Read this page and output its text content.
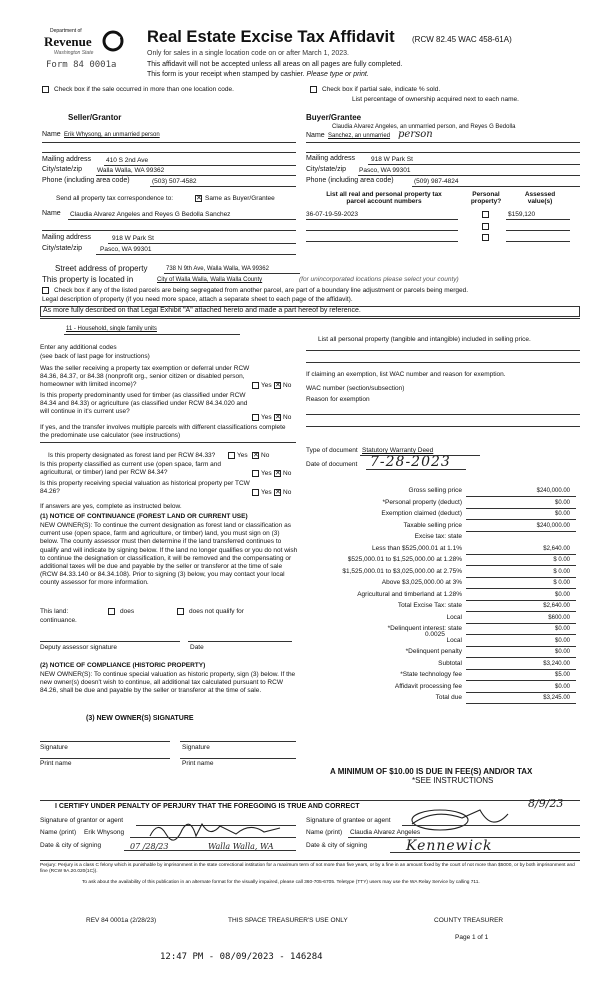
Department of
Revenue
Washington State
Form 84 0001a
Real Estate Excise Tax Affidavit (RCW 82.45 WAC 458-61A)
Only for sales in a single location code on or after March 1, 2023.
This affidavit will not be accepted unless all areas on all pages are fully completed.
This form is your receipt when stamped by cashier. Please type or print.
Check box if the sale occurred in more than one location code.	Check box if partial sale, indicate % sold.
List percentage of ownership acquired next to each name.
Seller/Grantor
Name Erik Whysong, an unmarried person
Mailing address 410 S 2nd Ave
City/state/zip Walla Walla, WA 99362
Phone (including area code)	(503) 507-4582
Buyer/Grantee
Claudia Alvarez Angeles, an unmarried person, and Reyes G Bedolla
Name Sanchez, an unmarried person
Mailing address 918 W Park St
City/state/zip Pasco, WA 99301
Phone (including area code)	(509) 987-4824
Send all property tax correspondence to:	✕ Same as Buyer/Grantee
Name Claudia Alvarez Angeles and Reyes G Bedolla Sanchez
Mailing address	918 W Park St
City/state/zip	Pasco, WA 99301
List all real and personal property tax
parcel account numbers
Personal
property?
Assessed
value(s)
36-07-19-59-2023	$159,120
Street address of property	738 N 9th Ave, Walla Walla, WA 99362
This property is located in	City of Walla Walla, Walla Walla County	(for unincorporated locations please select your county)
Check box if any of the listed parcels are being segregated from another parcel, are part of a boundary line adjustment or parcels being merged.
Legal description of property (if you need more space, attach a separate sheet to each page of the affidavit).
As more fully described on that Legal Exhibit "A" attached hereto and made a part hereof by reference.
11 - Household, single family units
Enter any additional codes
(see back of last page for instructions)
Was the seller receiving a property tax exemption or deferral under RCW 84.36, 84.37, or 84.38 (nonprofit org., senior citizen or disabled person, homeowner with limited income)?	Yes ✕ No
Is this property predominantly used for timber (as classified under RCW 84.34 and 84.33) or agriculture (as classified under RCW 84.34.020 and will continue in it's current use?
Yes ✕ No
If yes, and the transfer involves multiple parcels with different classifications complete the predominate use calculator (see instructions)
Is this property designated as forest land per RCW 84.33?	Yes ✕ No
Is this property classified as current use (open space, farm and agricultural, or timber) land per RCW 84.34?	Yes ✕ No
Is this property receiving special valuation as historical property per TCW 84.26?	Yes ✕ No
If answers are yes, complete as instructed below.
(1) NOTICE OF CONTINUANCE (FOREST LAND OR CURRENT USE)
NEW OWNER(S): To continue the current designation as forest land or classification as current use (open space, farm and agriculture, or timber) land, you must sign on (3) below. The county assessor must then determine if the land transferred continues to qualify and will indicate by signing below. If the land no longer qualifies or you do not wish to continue the designation or classification, it will be removed and the compensating or additional taxes will be due and payable by the seller or transferor at the time of sale (RCW 84.33.140 or 84.34.108). Prior to signing (3) below, you may contact your local county assessor for more information.
This land:	does	does not qualify for
continuance.
Deputy assessor signature	Date
(2) NOTICE OF COMPLIANCE (HISTORIC PROPERTY)
NEW OWNER(S): To continue special valuation as historic property, sign (3) below. If the new owner(s) doesn't wish to continue, all additional tax calculated pursuant to RCW 84.26, shall be due and payable by the seller or transferor at the time of sale.
(3) NEW OWNER(S) SIGNATURE
Signature	Signature
Print name	Print name
List all personal property (tangible and intangible) included in selling price.
If claiming an exemption, list WAC number and reason for exemption.
WAC number (section/subsection)
Reason for exemption
Type of document Statutory Warranty Deed
Date of document 7-28-2023
Gross selling price	$240,000.00
*Personal property (deduct)	$0.00
Exemption claimed (deduct)	$0.00
Taxable selling price	$240,000.00
Excise tax: state
Less than $525,000.01 at 1.1%	$2,640.00
$525,000.01 to $1,525,000.00 at 1.28%	$ 0.00
$1,525,000.01 to $3,025,000.00 at 2.75%	$ 0.00
Above $3,025,000.00 at 3%	$ 0.00
Agricultural and timberland at 1.28%	$0.00
Total Excise Tax: state	$2,640.00
Local	$600.00
*Delinquent interest: state	$0.00
Local	$0.00
*Delinquent penalty	$0.00
Subtotal	$3,240.00
*State technology fee	$5.00
Affidavit processing fee	$0.00
Total due	$3,245.00
0.0025
A MINIMUM OF $10.00 IS DUE IN FEE(S) AND/OR TAX
*SEE INSTRUCTIONS
I CERTIFY UNDER PENALTY OF PERJURY THAT THE FOREGOING IS TRUE AND CORRECT
Signature of grantor or agent
Name (print) Erik Whysong
Date & city of signing	07 /28/23	Walla Walla, WA
Signature of grantee or agent
8/9/23
Name (print) Claudia Alvarez Angeles
Date & city of signing	Kennewick
Perjury: Perjury is a class C felony which is punishable by imprisonment in the state correctional institution for a maximum term of not more than five years, or by a fine in an amount fixed by the court of not more than $5000, or by both imprisonment and fine (RCW 9A.20.020(1C)).
To ask about the availability of this publication in an alternate format for the visually impaired, please call 360-705-6705. Teletype (TTY) users may use the WA Relay Service by calling 711.
REV 84 0001a (2/28/23)	THIS SPACE TREASURER'S USE ONLY	COUNTY TREASURER
Page 1 of 1
12:47 PM - 08/09/2023 - 146284
